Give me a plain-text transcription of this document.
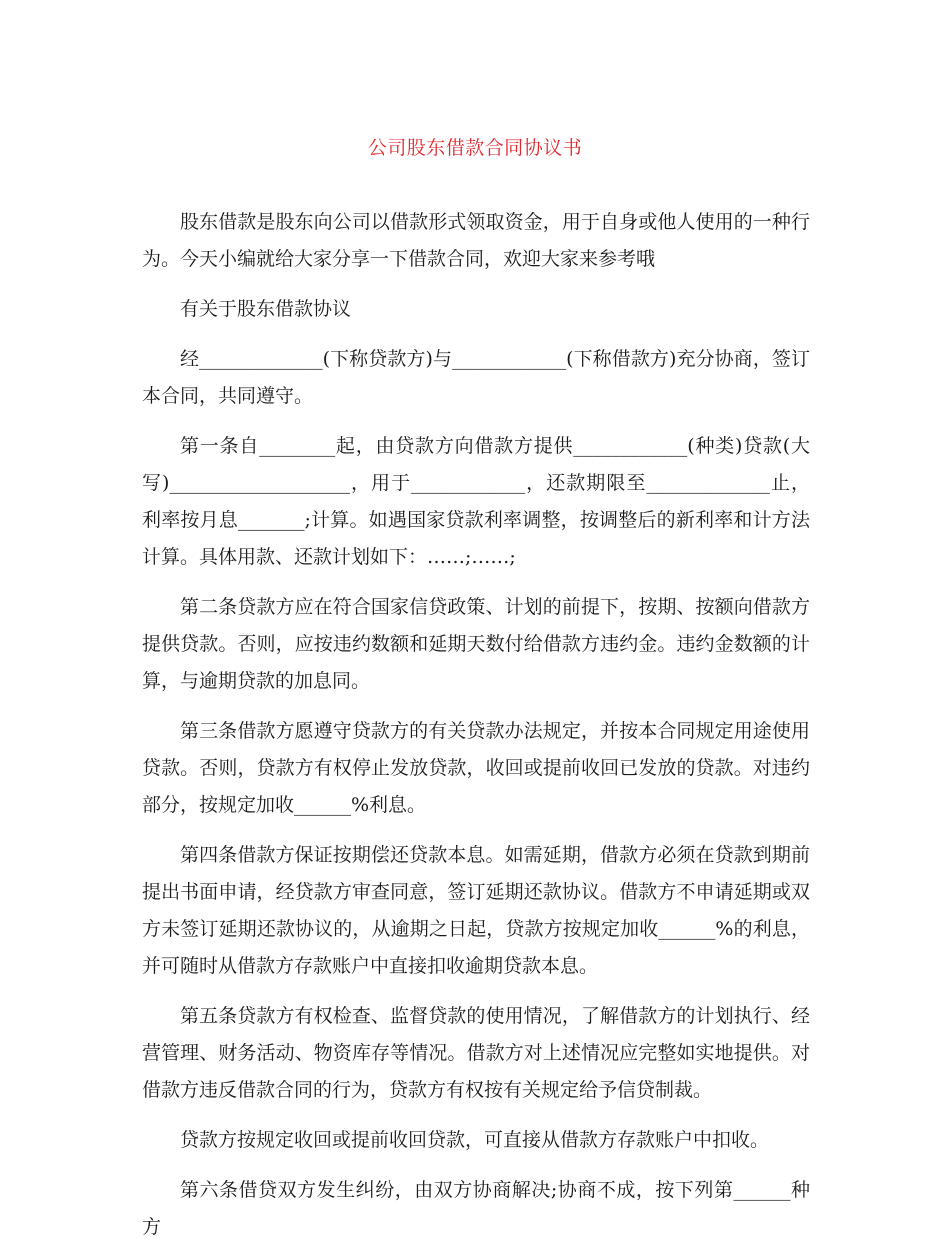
公司股东借款合同协议书

股东借款是股东向公司以借款形式领取资金，用于自身或他人使用的一种行为。今天小编就给大家分享一下借款合同，欢迎大家来参考哦

有关于股东借款协议

经_____________(下称贷款方)与____________(下称借款方)充分协商，签订本合同，共同遵守。

第一条自________起，由贷款方向借款方提供____________(种类)贷款(大写)___________________，用于____________，还款期限至_____________止，利率按月息_______;计算。如遇国家贷款利率调整，按调整后的新利率和计方法计算。具体用款、还款计划如下：……;……;

第二条贷款方应在符合国家信贷政策、计划的前提下，按期、按额向借款方提供贷款。否则，应按违约数额和延期天数付给借款方违约金。违约金数额的计算，与逾期贷款的加息同。

第三条借款方愿遵守贷款方的有关贷款办法规定，并按本合同规定用途使用贷款。否则，贷款方有权停止发放贷款，收回或提前收回已发放的贷款。对违约部分，按规定加收______%利息。

第四条借款方保证按期偿还贷款本息。如需延期，借款方必须在贷款到期前提出书面申请，经贷款方审查同意，签订延期还款协议。借款方不申请延期或双方未签订延期还款协议的，从逾期之日起，贷款方按规定加收______%的利息，并可随时从借款方存款账户中直接扣收逾期贷款本息。

第五条贷款方有权检查、监督贷款的使用情况，了解借款方的计划执行、经营管理、财务活动、物资库存等情况。借款方对上述情况应完整如实地提供。对借款方违反借款合同的行为，贷款方有权按有关规定给予信贷制裁。

贷款方按规定收回或提前收回贷款，可直接从借款方存款账户中扣收。

第六条借贷双方发生纠纷，由双方协商解决;协商不成，按下列第______种方
